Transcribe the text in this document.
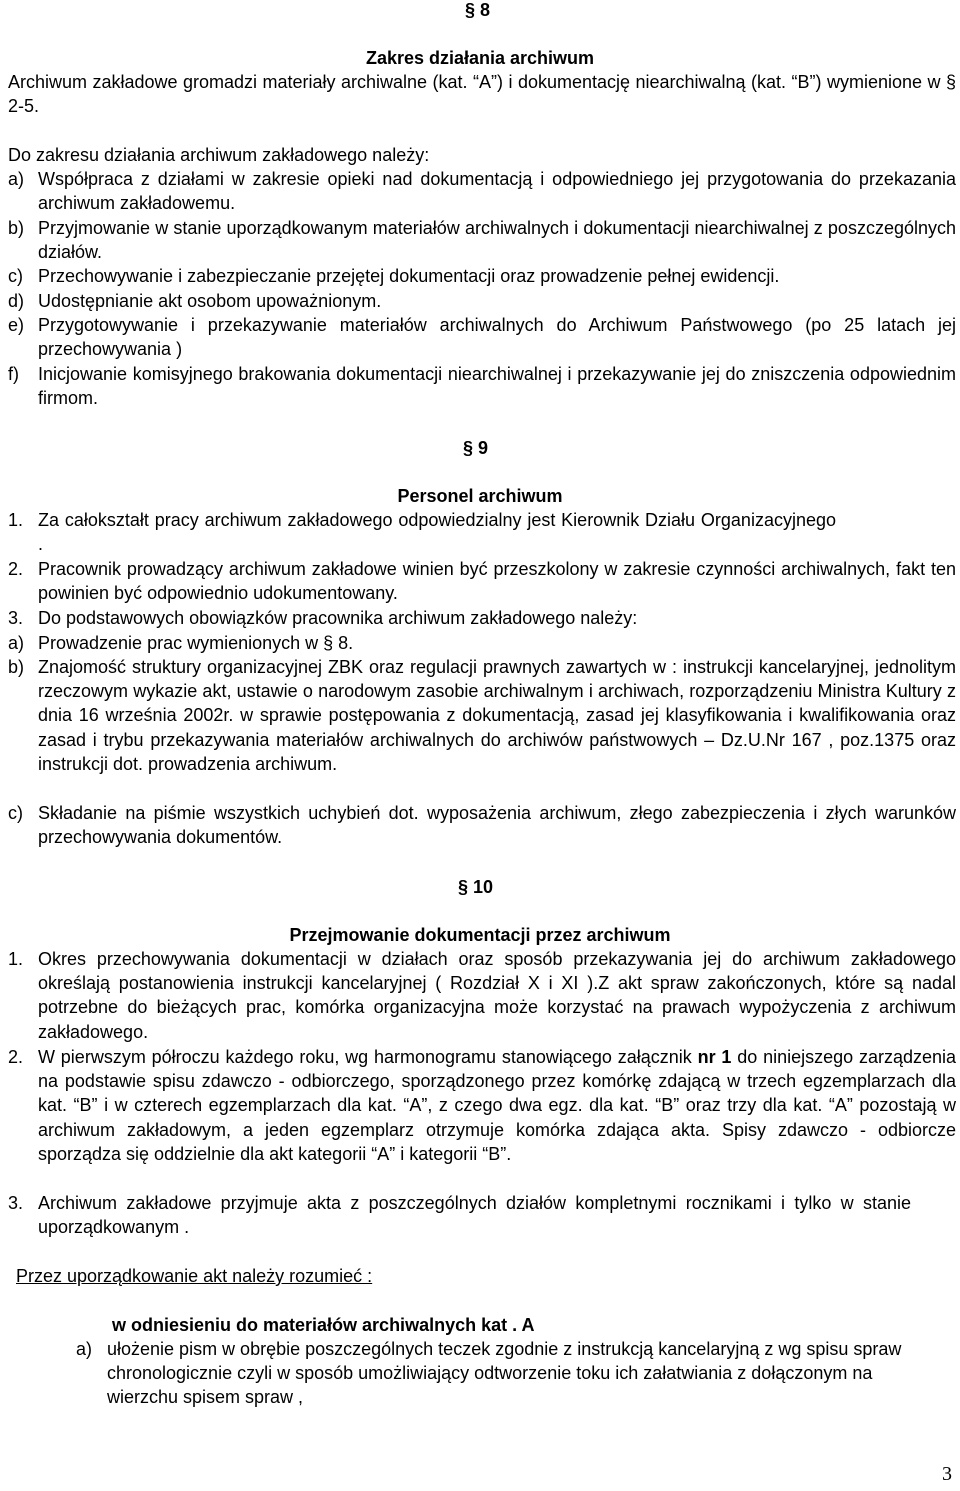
§ 8
Zakres działania archiwum
Archiwum zakładowe gromadzi materiały archiwalne (kat. “A”) i dokumentację niearchiwalną (kat. “B”) wymienione w § 2-5.
Do zakresu działania archiwum zakładowego należy:
a) Współpraca z działami w zakresie opieki nad dokumentacją i odpowiedniego jej przygotowania do przekazania archiwum zakładowemu.
b) Przyjmowanie w stanie uporządkowanym materiałów archiwalnych i dokumentacji niearchiwalnej z poszczególnych działów.
c) Przechowywanie i zabezpieczanie przejętej dokumentacji oraz prowadzenie pełnej ewidencji.
d) Udostępnianie akt osobom upoważnionym.
e) Przygotowywanie i przekazywanie materiałów archiwalnych do Archiwum Państwowego (po 25 latach jej przechowywania )
f) Inicjowanie komisyjnego brakowania dokumentacji niearchiwalnej i przekazywanie jej do zniszczenia odpowiednim firmom.
§ 9
Personel archiwum
1. Za całokształt pracy archiwum zakładowego odpowiedzialny jest Kierownik Działu Organizacyjnego .
2. Pracownik prowadzący archiwum zakładowe winien być przeszkolony w zakresie czynności archiwalnych, fakt ten powinien być odpowiednio udokumentowany.
3. Do podstawowych obowiązków pracownika archiwum zakładowego należy:
a) Prowadzenie prac wymienionych w § 8.
b) Znajomość struktury organizacyjnej ZBK oraz regulacji prawnych zawartych w : instrukcji kancelaryjnej, jednolitym rzeczowym wykazie akt, ustawie o narodowym zasobie archiwalnym i archiwach, rozporządzeniu Ministra Kultury z dnia 16 września 2002r. w sprawie postępowania z dokumentacją, zasad jej klasyfikowania i kwalifikowania oraz zasad i trybu przekazywania materiałów archiwalnych do archiwów państwowych – Dz.U.Nr 167 , poz.1375 oraz instrukcji dot. prowadzenia archiwum.
c) Składanie na piśmie wszystkich uchybień dot. wyposażenia archiwum, złego zabezpieczenia i złych warunków przechowywania dokumentów.
§ 10
Przejmowanie dokumentacji przez archiwum
1. Okres przechowywania dokumentacji w działach oraz sposób przekazywania jej do archiwum zakładowego określają postanowienia instrukcji kancelaryjnej ( Rozdział X i XI ).Z akt spraw zakończonych, które są nadal potrzebne do bieżących prac, komórka organizacyjna może korzystać na prawach wypożyczenia z archiwum zakładowego.
2. W pierwszym półroczu każdego roku, wg harmonogramu stanowiącego załącznik nr 1 do niniejszego zarządzenia na podstawie spisu zdawczo - odbiorczego, sporządzonego przez komórkę zdającą w trzech egzemplarzach dla kat. “B” i w czterech egzemplarzach dla kat. “A”, z czego dwa egz. dla kat. “B” oraz trzy dla kat. “A” pozostają w archiwum zakładowym, a jeden egzemplarz otrzymuje komórka zdająca akta. Spisy zdawczo - odbiorcze sporządza się oddzielnie dla akt kategorii “A” i kategorii “B”.
3. Archiwum zakładowe przyjmuje akta z poszczególnych działów kompletnymi rocznikami i tylko w stanie uporządkowanym .
Przez uporządkowanie akt należy rozumieć :
w odniesieniu do materiałów archiwalnych kat . A
a) ułożenie pism w obrębie poszczególnych teczek zgodnie z instrukcją kancelaryjną z wg spisu spraw chronologicznie czyli w sposób umożliwiający odtworzenie toku ich załatwiania z dołączonym na wierzchu spisem spraw ,
3
